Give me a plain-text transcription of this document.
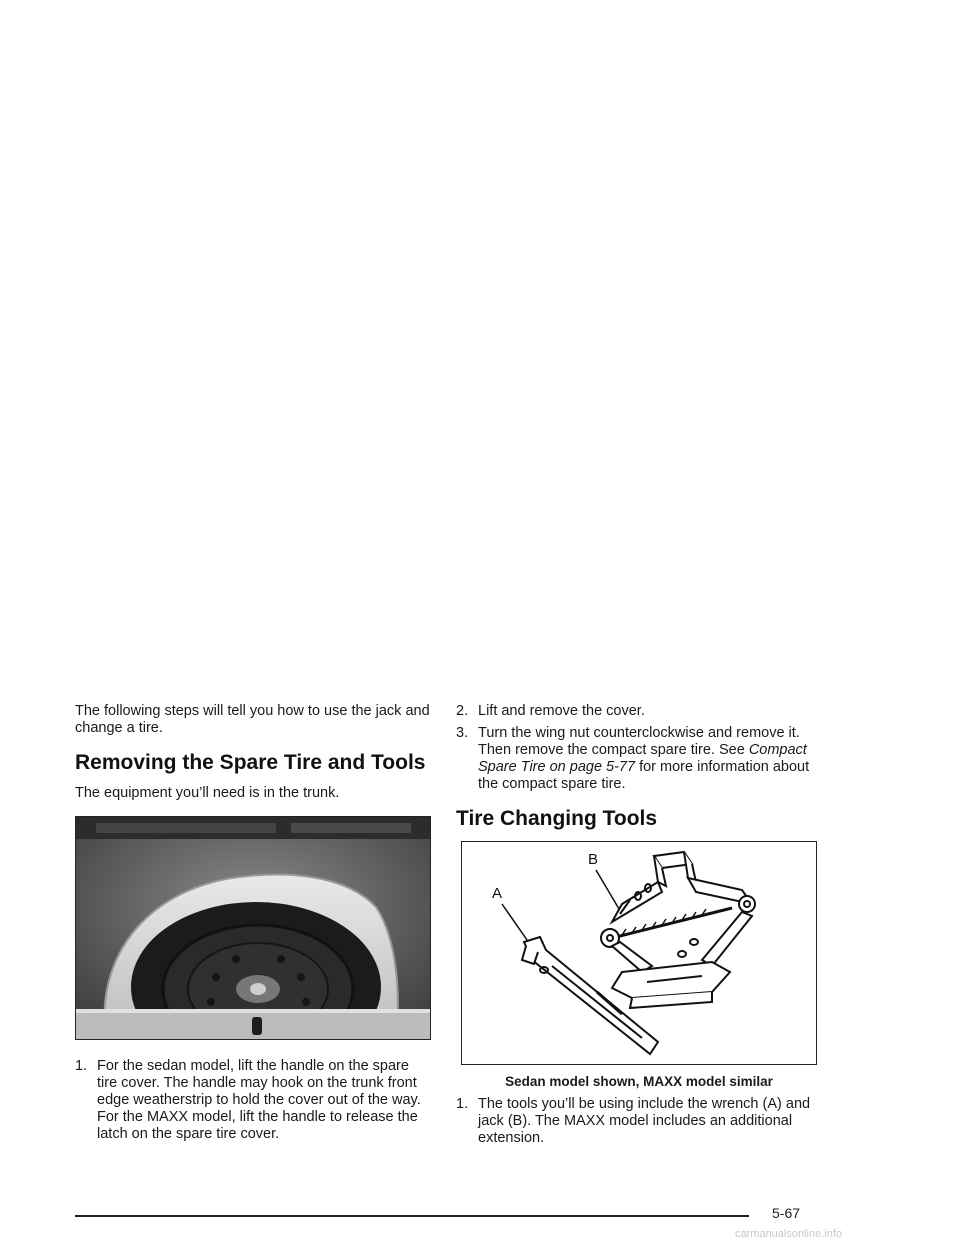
The following steps will tell you how to use the jack and change a tire.

Removing the Spare Tire and Tools

The equipment you’ll need is in the trunk.

1. For the sedan model, lift the handle on the spare tire cover. The handle may hook on the trunk front edge weatherstrip to hold the cover out of the way. For the MAXX model, lift the handle to release the latch on the spare tire cover.
2. Lift and remove the cover.
3. Turn the wing nut counterclockwise and remove it. Then remove the compact spare tire. See Compact Spare Tire on page 5-77 for more information about the compact spare tire.
Tire Changing Tools
B
A
Sedan model shown, MAXX model similar
1. The tools you’ll be using include the wrench (A) and jack (B). The MAXX model includes an additional extension.
5-67
carmanualsonline.info
